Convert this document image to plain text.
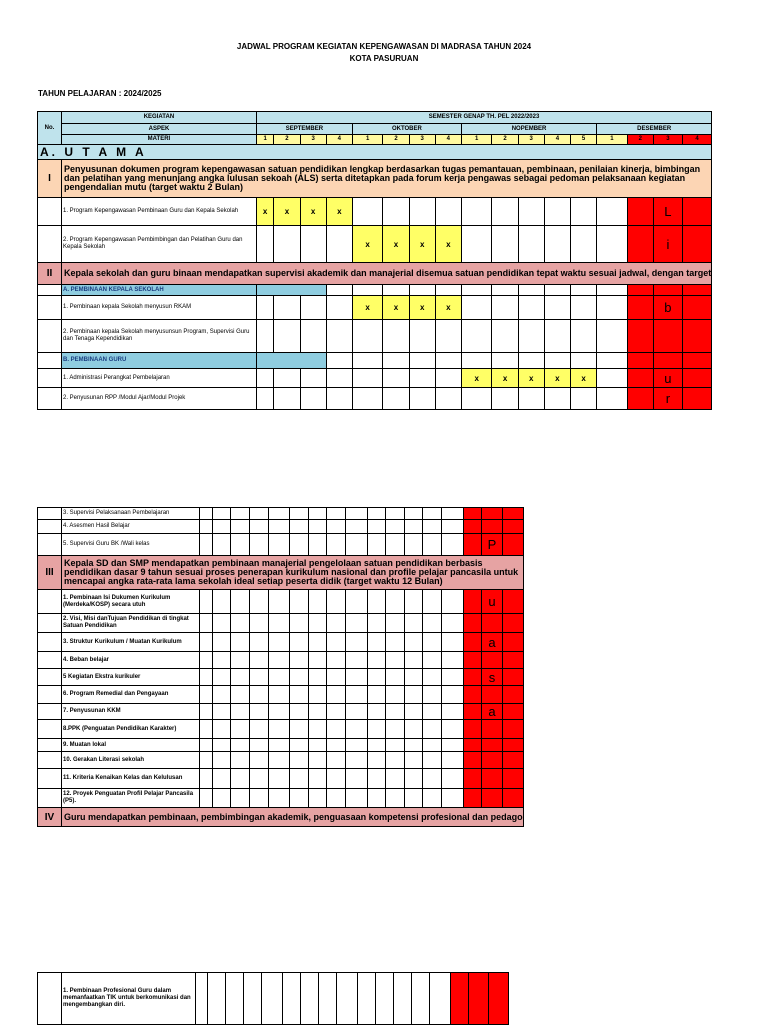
JADWAL PROGRAM KEGIATAN KEPENGAWASAN DI MADRASA TAHUN 2024
KOTA PASURUAN
TAHUN PELAJARAN : 2024/2025
No.	KEGIATAN	SEMESTER GENAP TH. PEL 2022/2023																
	ASPEK	SEPTEMBER				OKTOBER				NOPEMBER					DESEMBER			
	MATERI	1	2	3	4	1	2	3	4	1	2	3	4	5	1	2	3	4
A. U T A M A																		
I	Penyusunan dokumen program kepengawasan satuan pendidikan lengkap berdasarkan tugas pemantauan, pembinaan, penilaian kinerja, bimbingan dan pelatihan yang menunjang angka lulusan sekoah (ALS) serta ditetapkan pada forum kerja pengawas sebagai pedoman pelaksanaan kegiatan pengendalian mutu (target waktu 2 Bulan)																	
	1. Program Kepengawasan Pembinaan Guru dan Kepala Sekolah	x	x	x	x												L	
	2. Program Kepengawasan Pembimbingan dan Pelatihan Guru dan Kepala Sekolah					x	x	x	x								i	
II	Kepala sekolah dan guru binaan mendapatkan supervisi akademik dan manajerial disemua satuan pendidikan tepat waktu sesuai jadwal, dengan target																	
	A. PEMBINAAN KEPALA SEKOLAH																	
	1. Pembinaan kepala Sekolah menyusun RKAM					x	x	x	x								b	
	2. Pembinaan kepala Sekolah menyusunsun Program, Supervisi Guru dan Tenaga Kependidikan																	
	B. PEMBINAAN GURU																	
	1. Administrasi Perangkat Pembelajaran									x	x	x	x	x			u	
	2. Penyusunan RPP /Modul Ajar/Modul Projek																r	
	3. Supervisi Pelaksanaan Pembelajaran																	
	4. Asesmen Hasil Belajar																	
	5. Supervisi Guru BK /Wali kelas																P	
III	Kepala SD dan SMP mendapatkan pembinaan manajerial pengelolaan satuan pendidikan berbasis pendidikan dasar 9 tahun sesuai proses penerapan kurikulum nasional dan profile pelajar pancasila untuk mencapai angka rata-rata lama sekolah ideal setiap peserta didik (target waktu 12 Bulan)																	
	1. Pembinaan Isi Dukumen Kurikulum (Merdeka/KOSP) secara utuh																u	
	2. Visi, Misi danTujuan Pendidikan di tingkat Satuan Pendidikan																	
	3. Struktur Kurikulum / Muatan Kurikulum																a	
	4. Beban belajar																	
	5 Kegiatan Ekstra kurikuler																s	
	6. Program Remedial dan Pengayaan																	
	7. Penyusunan KKM																a	
	8.PPK (Penguatan Pendidikan Karakter)																	
	9. Muatan lokal																	
	10. Gerakan Literasi sekolah																	
	11. Kriteria Kenaikan Kelas dan Kelulusan																	
	12. Proyek Penguatan Profil Pelajar Pancasila (P5).																	
IV	Guru mendapatkan pembinaan, pembimbingan akademik, penguasaan kompetensi profesional dan pedago																	
	1. Pembinaan Profesional Guru dalam memanfaatkan TIK untuk berkomunikasi dan mengembangkan diri.																	
